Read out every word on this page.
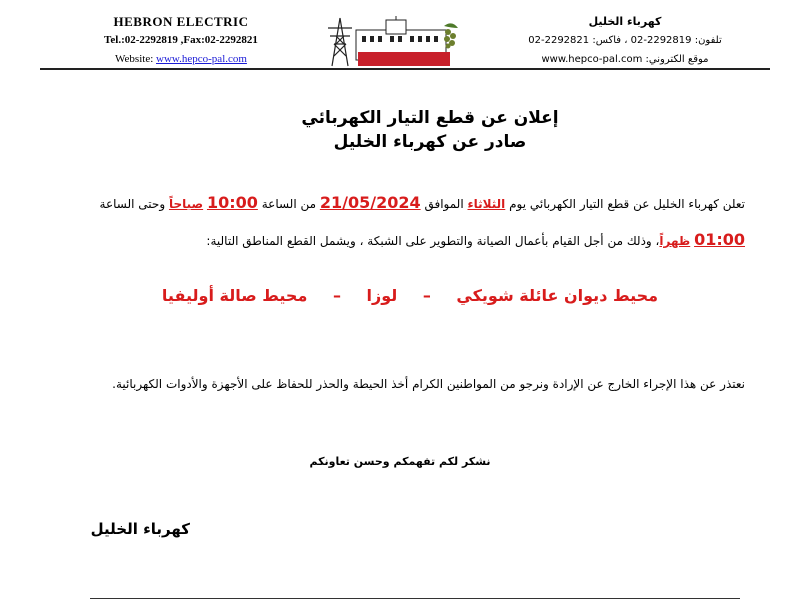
HEBRON ELECTRIC
Tel.:02-2292819 ,Fax:02-2292821
Website: www.hepco-pal.com
كهرباء الخليل
تلفون: 2292819-02 ، فاكس: 2292821-02
موقع الكتروني: www.hepco-pal.com
إعلان عن قطع التيار الكهربائي
صادر عن كهرباء الخليل
تعلن كهرباء الخليل عن قطع التيار الكهربائي يوم الثلاثاء الموافق 21/05/2024 من الساعة 10:00 صباحاً وحتى الساعة 01:00 ظهراً، وذلك من أجل القيام بأعمال الصيانة والتطوير على الشبكة ، ويشمل القطع المناطق التالية:
محيط ديوان عائلة شويكي – لوزا – محيط صالة أوليفيا
نعتذر عن هذا الإجراء الخارج عن الإرادة ونرجو من المواطنين الكرام أخذ الحيطة والحذر للحفاظ على الأجهزة والأدوات الكهربائية.
نشكر لكم تفهمكم وحسن تعاونكم
كهرباء الخليل
